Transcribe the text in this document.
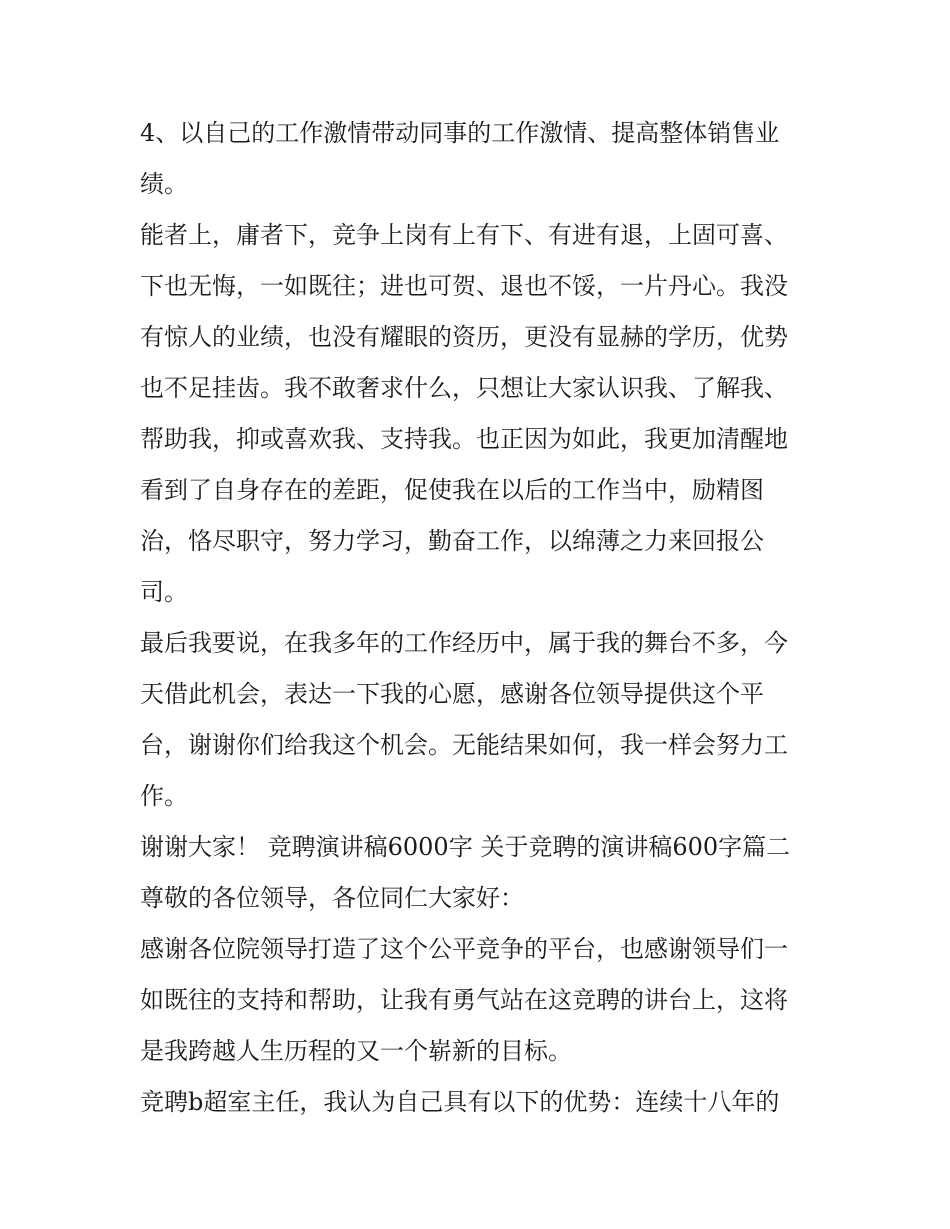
4、以自己的工作激情带动同事的工作激情、提高整体销售业
绩。
能者上，庸者下，竞争上岗有上有下、有进有退，上固可喜、
下也无悔，一如既往；进也可贺、退也不馁，一片丹心。我没
有惊人的业绩，也没有耀眼的资历，更没有显赫的学历，优势
也不足挂齿。我不敢奢求什么，只想让大家认识我、了解我、
帮助我，抑或喜欢我、支持我。也正因为如此，我更加清醒地
看到了自身存在的差距，促使我在以后的工作当中，励精图
治，恪尽职守，努力学习，勤奋工作，以绵薄之力来回报公
司。
最后我要说，在我多年的工作经历中，属于我的舞台不多，今
天借此机会，表达一下我的心愿，感谢各位领导提供这个平
台，谢谢你们给我这个机会。无能结果如何，我一样会努力工
作。
谢谢大家！ 竞聘演讲稿6000字 关于竞聘的演讲稿600字篇二
尊敬的各位领导，各位同仁大家好：
感谢各位院领导打造了这个公平竞争的平台，也感谢领导们一
如既往的支持和帮助，让我有勇气站在这竞聘的讲台上，这将
是我跨越人生历程的又一个崭新的目标。
竞聘b超室主任，我认为自己具有以下的优势：连续十八年的
